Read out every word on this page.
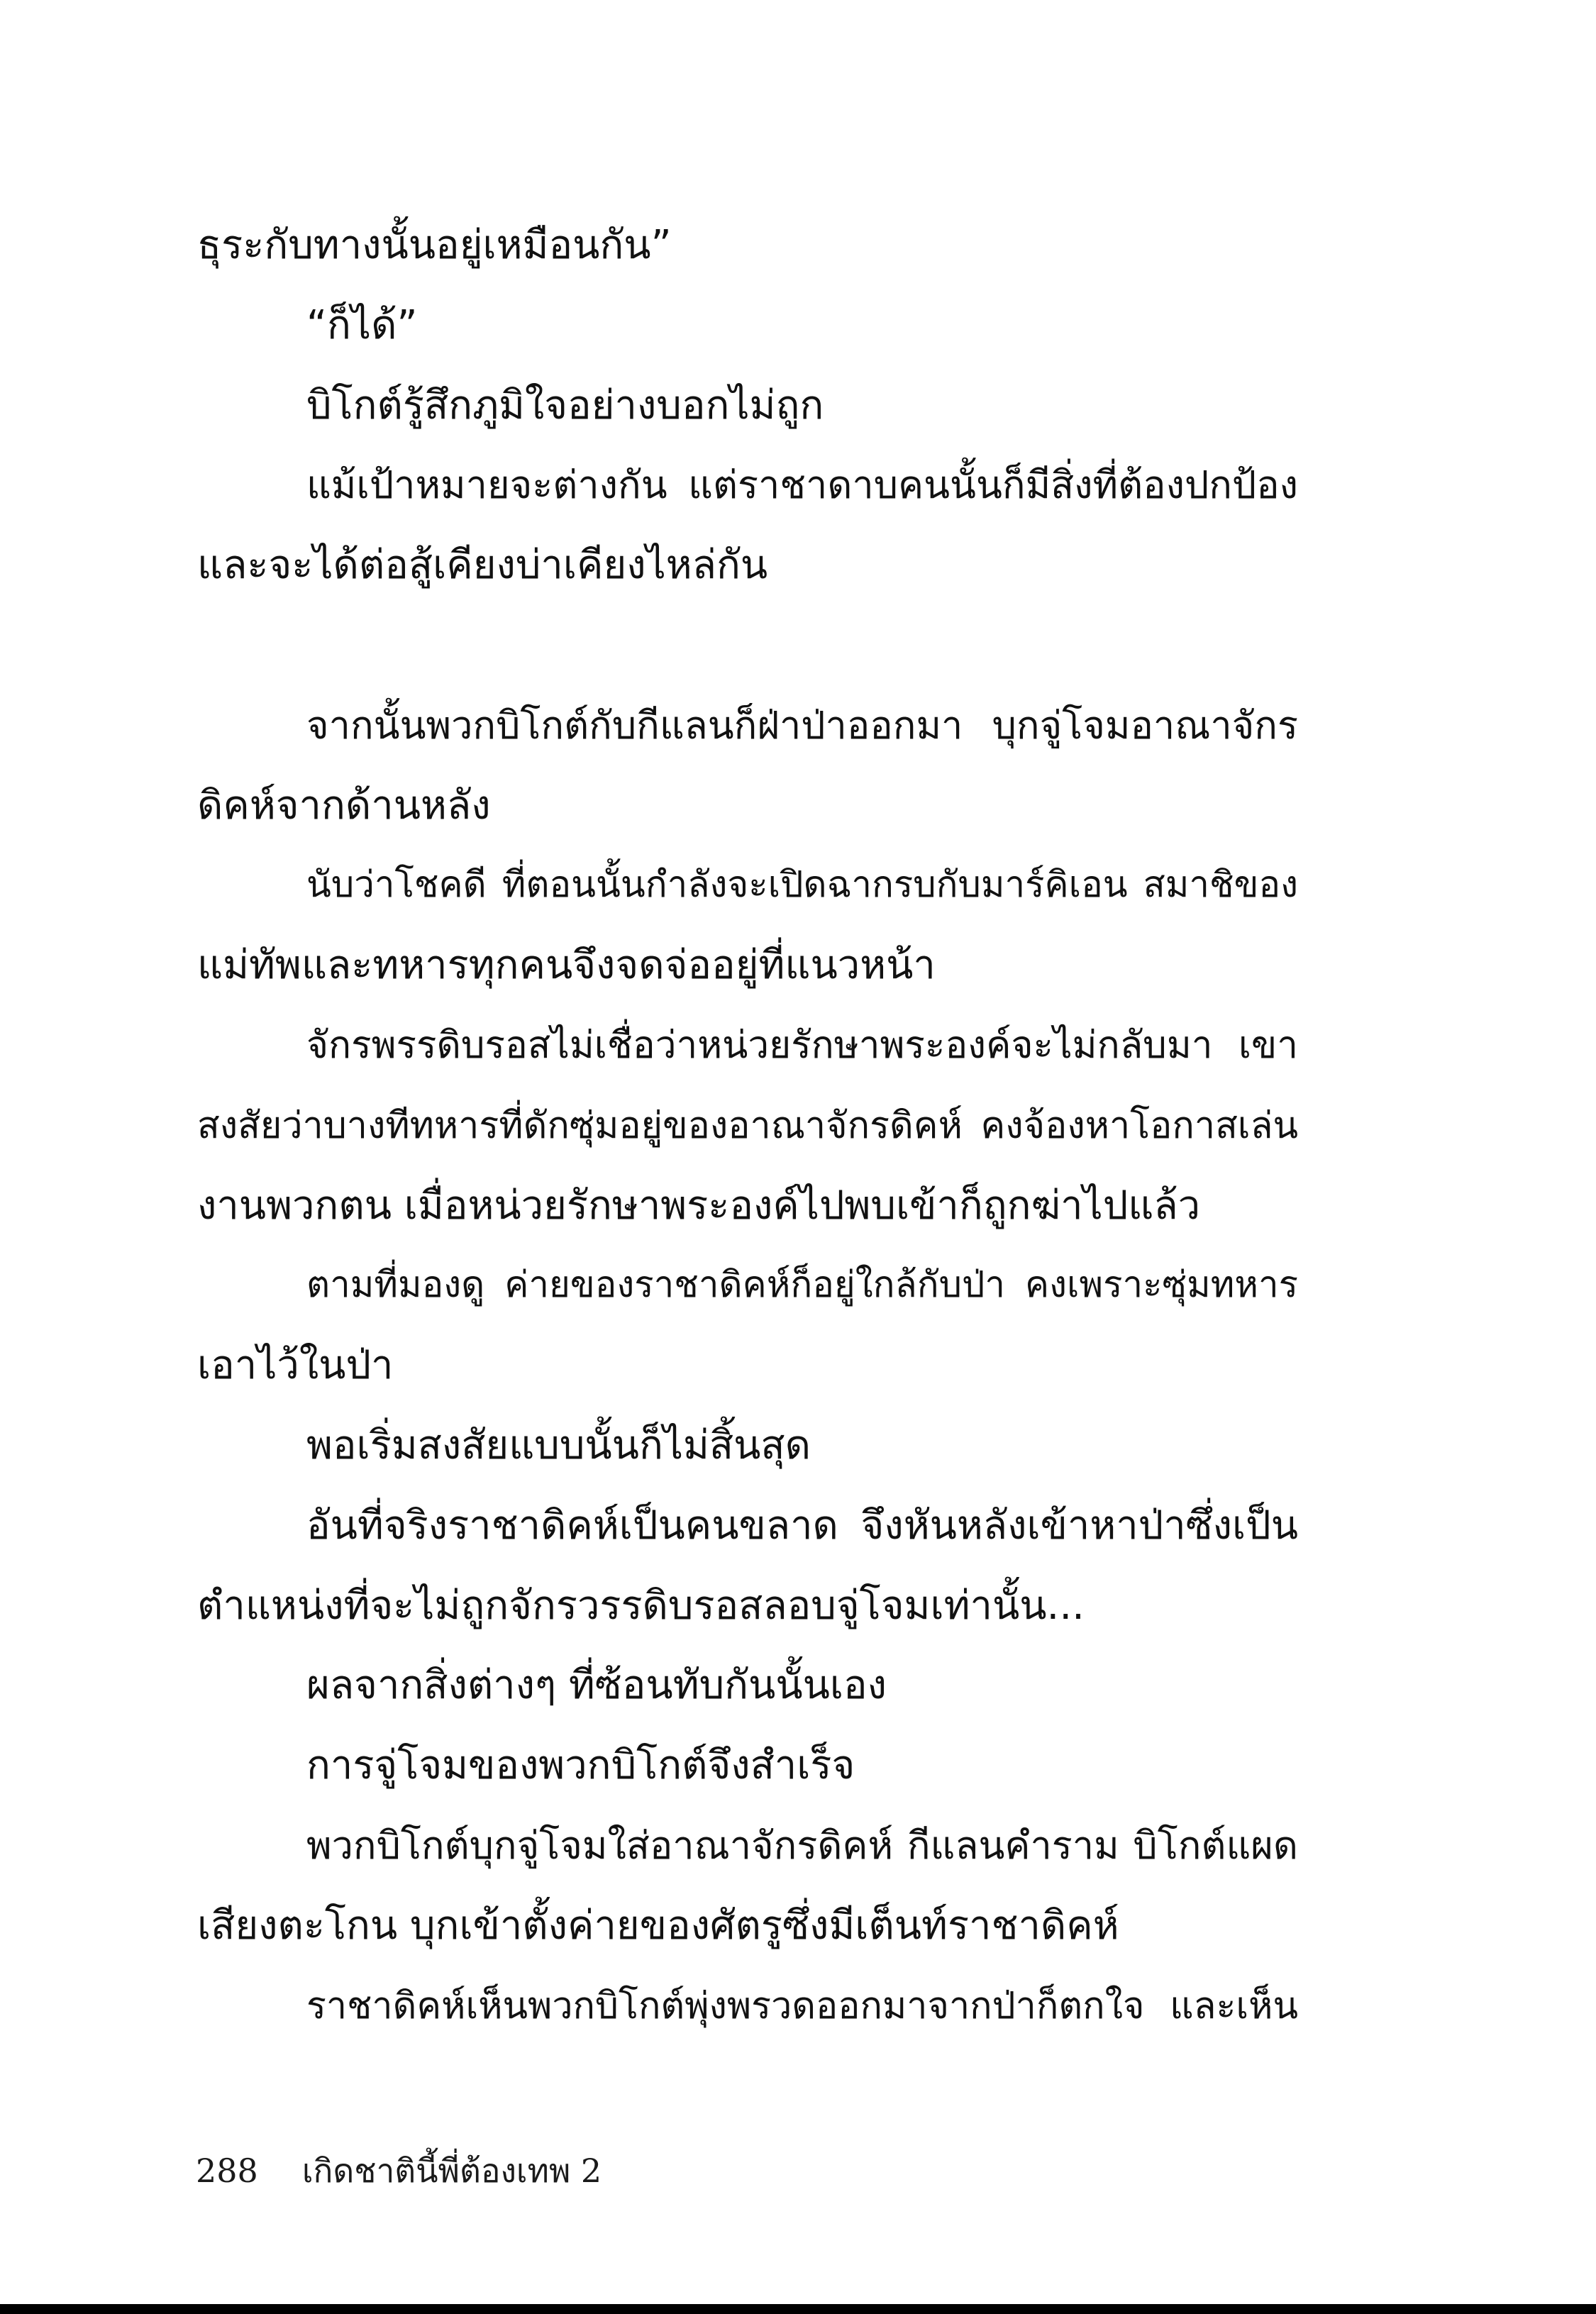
ธุระกับทางนั้นอยู่เหมือนกัน”
“ก็ได้”
บิโกต์รู้สึกภูมิใจอย่างบอกไม่ถูก
แม้เป้าหมายจะต่างกัน แต่ราชาดาบคนนั้นก็มีสิ่งที่ต้องปกป้อง
และจะได้ต่อสู้เคียงบ่าเคียงไหล่กัน
จากนั้นพวกบิโกต์กับกีแลนก็ฝ่าป่าออกมา บุกจู่โจมอาณาจักร
ดิคห์จากด้านหลัง
นับว่าโชคดี ที่ตอนนั้นกำลังจะเปิดฉากรบกับมาร์คิเอน สมาชิของ
แม่ทัพและทหารทุกคนจึงจดจ่ออยู่ที่แนวหน้า
จักรพรรดิบรอสไม่เชื่อว่าหน่วยรักษาพระองค์จะไม่กลับมา เขา
สงสัยว่าบางทีทหารที่ดักซุ่มอยู่ของอาณาจักรดิคห์ คงจ้องหาโอกาสเล่น
งานพวกตน เมื่อหน่วยรักษาพระองค์ไปพบเข้าก็ถูกฆ่าไปแล้ว
ตามที่มองดู ค่ายของราชาดิคห์ก็อยู่ใกล้กับป่า คงเพราะซุ่มทหาร
เอาไว้ในป่า
พอเริ่มสงสัยแบบนั้นก็ไม่สิ้นสุด
อันที่จริงราชาดิคห์เป็นคนขลาด จึงหันหลังเข้าหาป่าซึ่งเป็น
ตำแหน่งที่จะไม่ถูกจักรวรรดิบรอสลอบจู่โจมเท่านั้น...
ผลจากสิ่งต่างๆ ที่ซ้อนทับกันนั้นเอง
การจู่โจมของพวกบิโกต์จึงสำเร็จ
พวกบิโกต์บุกจู่โจมใส่อาณาจักรดิคห์ กีแลนคำราม บิโกต์แผด
เสียงตะโกน บุกเข้าตั้งค่ายของศัตรูซึ่งมีเต็นท์ราชาดิคห์
ราชาดิคห์เห็นพวกบิโกต์พุ่งพรวดออกมาจากป่าก็ตกใจ และเห็น
288 เกิดชาตินี้พี่ต้องเทพ 2
